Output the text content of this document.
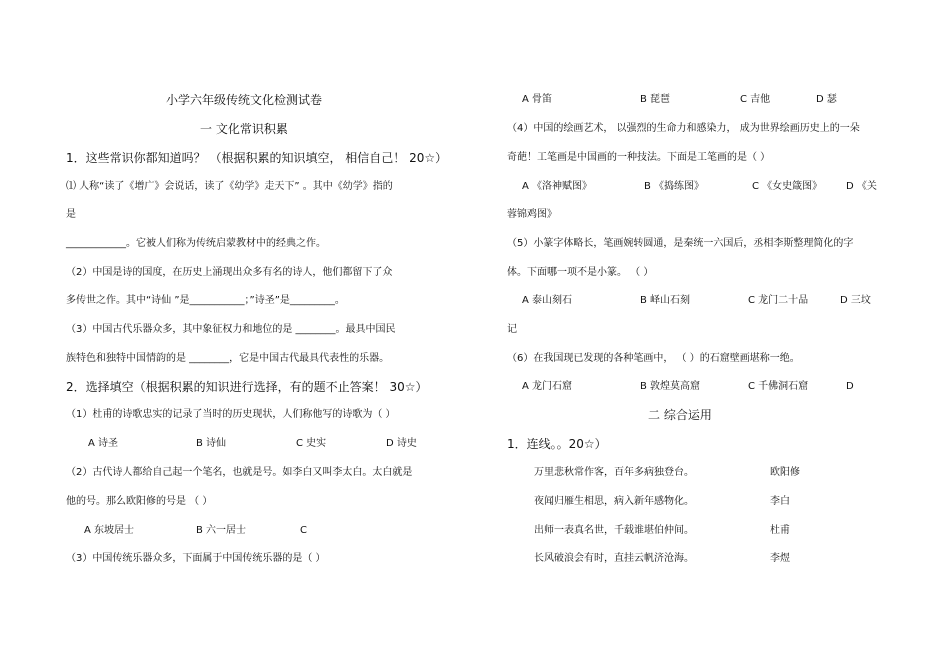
小学六年级传统文化检测试卷
一 文化常识积累
1．这些常识你都知道吗？ （根据积累的知识填空， 相信自己！ 20☆）
⑴ 人称“读了《增广》会说话，读了《幼学》走天下” 。其中《幼学》指的
是
____________。它被人们称为传统启蒙教材中的经典之作。
（2）中国是诗的国度，在历史上涌现出众多有名的诗人，他们都留下了众
多传世之作。其中“诗仙 ”是___________；”诗圣”是_________。
（3）中国古代乐器众多，其中象征权力和地位的是 ________。最具中国民
族特色和独特中国情韵的是 ________，它是中国古代最具代表性的乐器。
2．选择填空（根据积累的知识进行选择，有的题不止答案！ 30☆）
（1）杜甫的诗歌忠实的记录了当时的历史现状，人们称他写的诗歌为（ ）
A 诗圣	B 诗仙	C 史实	D 诗史
（2）古代诗人都给自己起一个笔名，也就是号。如李白又叫李太白。太白就是
他的号。那么欧阳修的号是 （ ）
A 东坡居士	B 六一居士	C
（3）中国传统乐器众多，下面属于中国传统乐器的是（ ）
A 骨笛	B 琵琶	C 吉他	D 瑟
（4）中国的绘画艺术， 以强烈的生命力和感染力， 成为世界绘画历史上的一朵
奇葩！工笔画是中国画的一种技法。下面是工笔画的是（ ）
A 《洛神赋图》	B 《捣练图》	C 《女史箴图》 D 《关
蓉锦鸡图》
（5）小篆字体略长，笔画婉转圆通，是秦统一六国后，丞相李斯整理简化的字
体。下面哪一项不是小篆。 （ ）
A 泰山刻石	B 峄山石刻	C 龙门二十品	D 三坟
记
（6）在我国现已发现的各种笔画中， （ ）的石窟壁画堪称一绝。
A 龙门石窟	B 敦煌莫高窟	C 千佛洞石窟	D
二 综合运用
1．连线。。20☆）
万里悲秋常作客，百年多病独登台。	欧阳修
夜闻归雁生相思，病入新年感物化。	李白
出师一表真名世，千载谁堪伯仲间。	杜甫
长风破浪会有时，直挂云帆济沧海。	李煜
